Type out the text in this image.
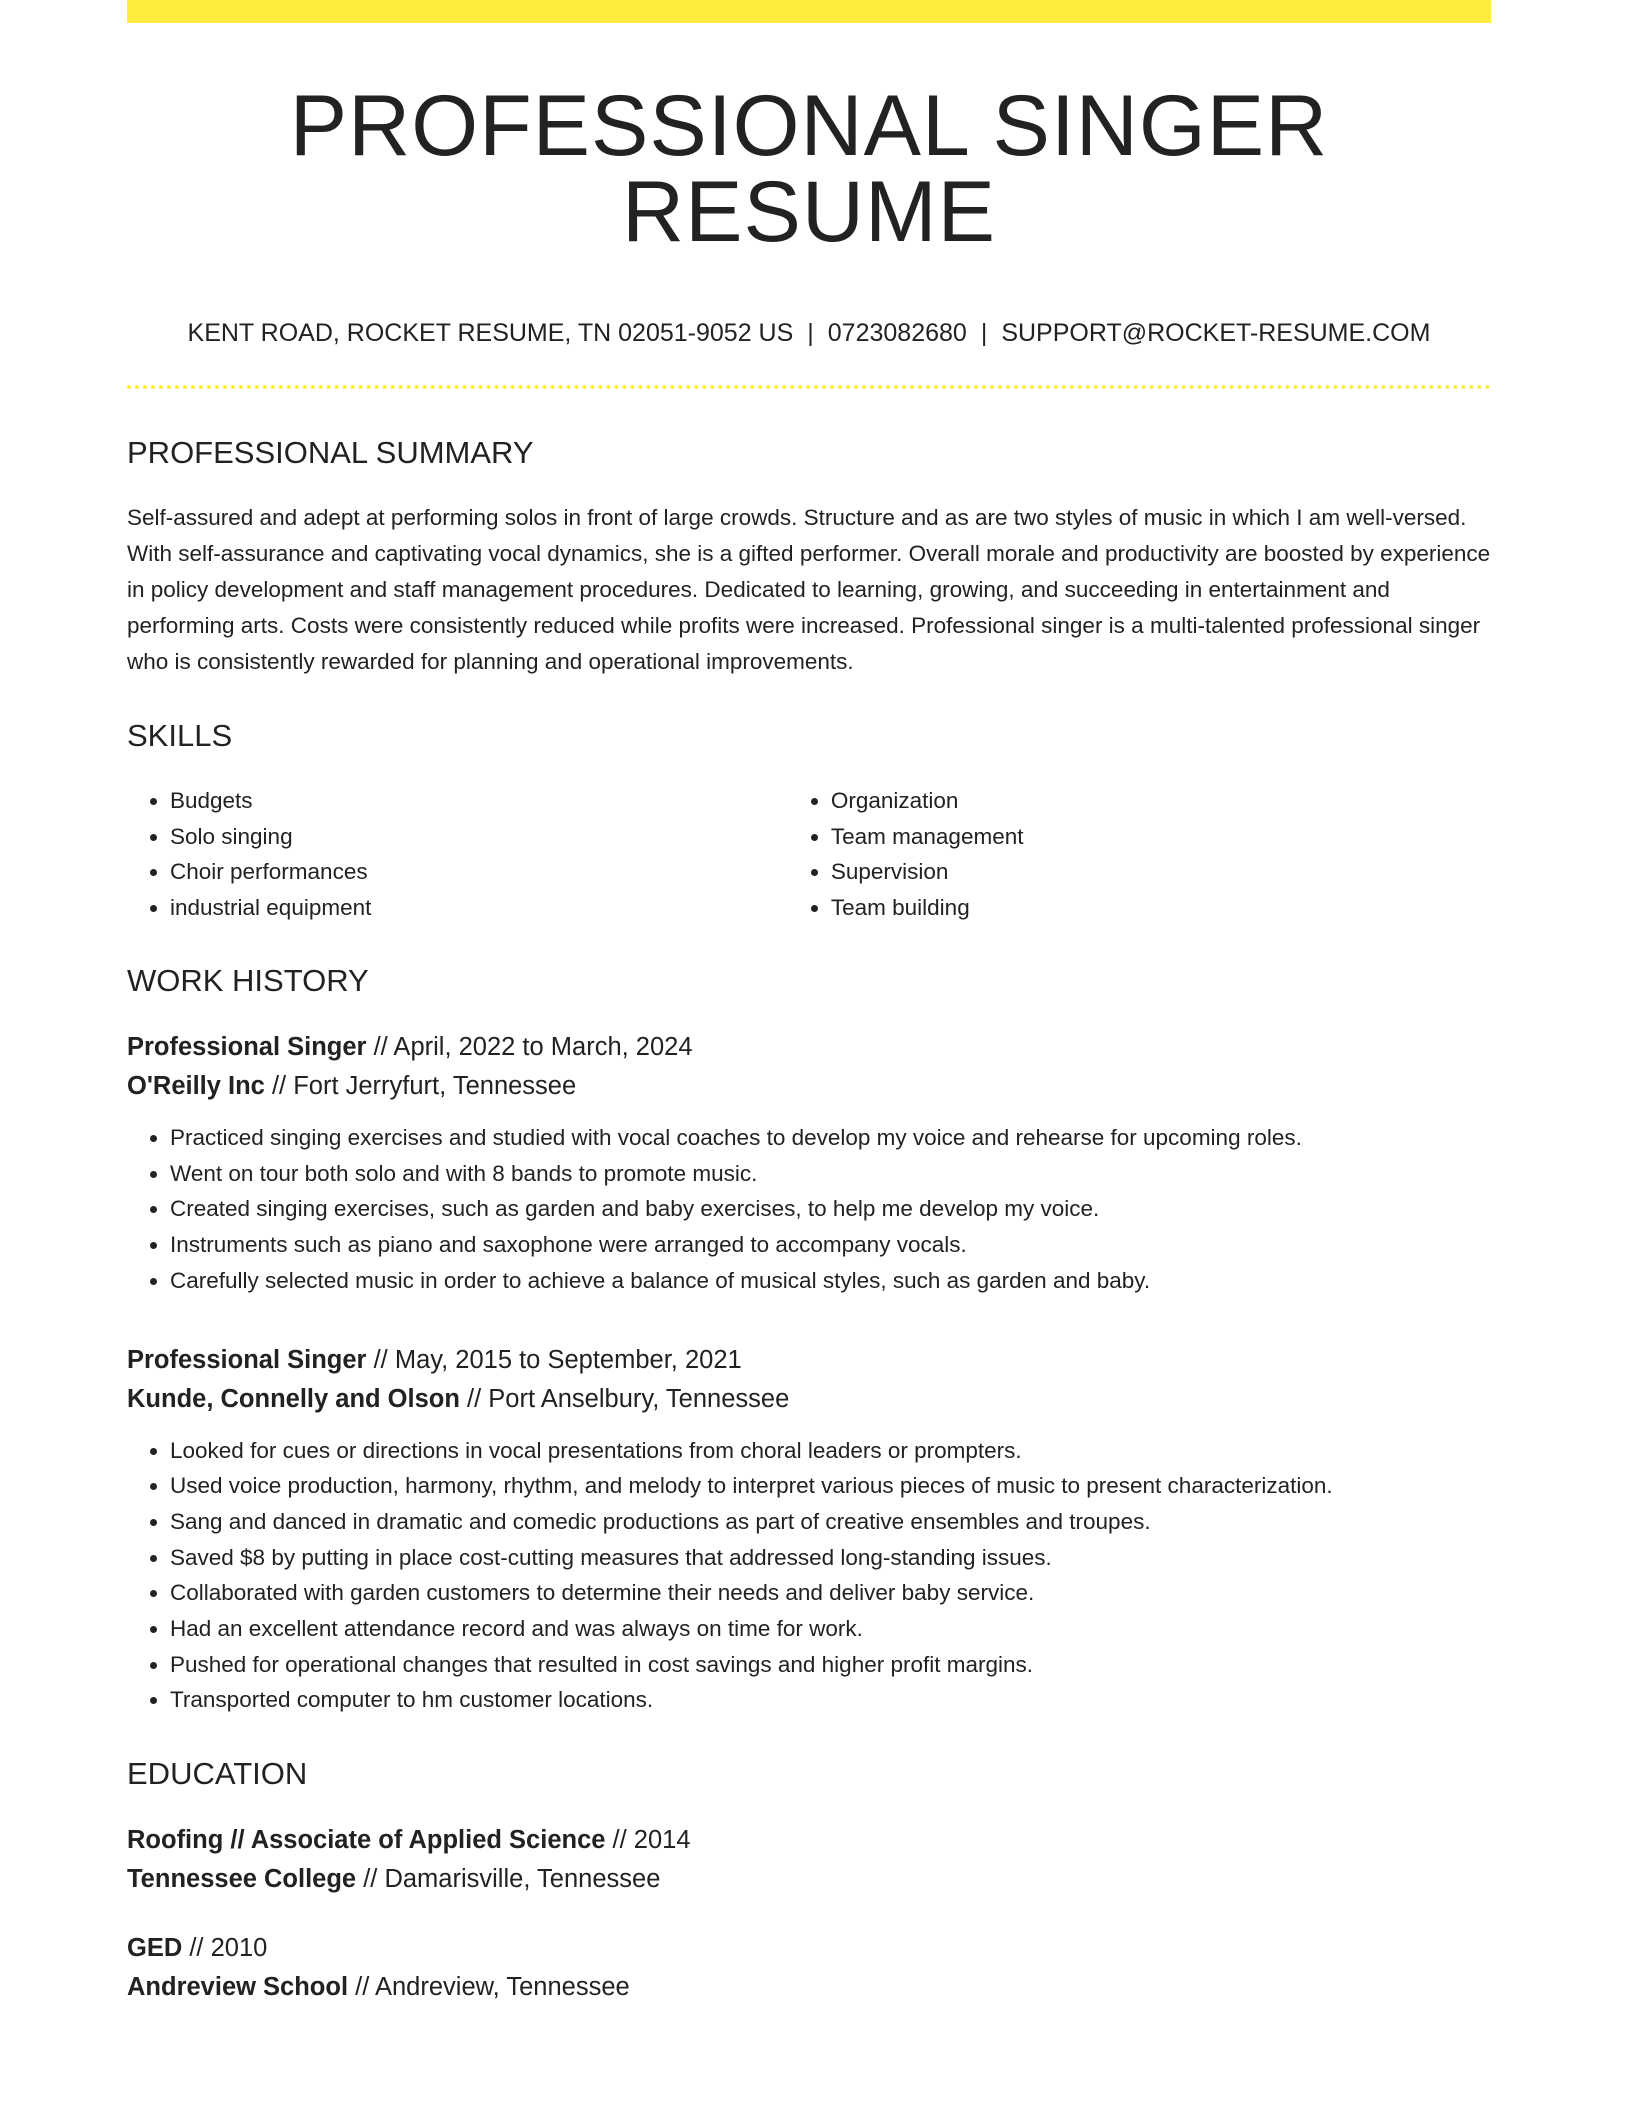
PROFESSIONAL SINGER RESUME
KENT ROAD, ROCKET RESUME, TN 02051-9052 US | 0723082680 | SUPPORT@ROCKET-RESUME.COM
PROFESSIONAL SUMMARY
Self-assured and adept at performing solos in front of large crowds. Structure and as are two styles of music in which I am well-versed. With self-assurance and captivating vocal dynamics, she is a gifted performer. Overall morale and productivity are boosted by experience in policy development and staff management procedures. Dedicated to learning, growing, and succeeding in entertainment and performing arts. Costs were consistently reduced while profits were increased. Professional singer is a multi-talented professional singer who is consistently rewarded for planning and operational improvements.
SKILLS
• Budgets
• Solo singing
• Choir performances
• industrial equipment
• Organization
• Team management
• Supervision
• Team building
WORK HISTORY
Professional Singer // April, 2022 to March, 2024
O'Reilly Inc // Fort Jerryfurt, Tennessee
• Practiced singing exercises and studied with vocal coaches to develop my voice and rehearse for upcoming roles.
• Went on tour both solo and with 8 bands to promote music.
• Created singing exercises, such as garden and baby exercises, to help me develop my voice.
• Instruments such as piano and saxophone were arranged to accompany vocals.
• Carefully selected music in order to achieve a balance of musical styles, such as garden and baby.
Professional Singer // May, 2015 to September, 2021
Kunde, Connelly and Olson // Port Anselbury, Tennessee
• Looked for cues or directions in vocal presentations from choral leaders or prompters.
• Used voice production, harmony, rhythm, and melody to interpret various pieces of music to present characterization.
• Sang and danced in dramatic and comedic productions as part of creative ensembles and troupes.
• Saved $8 by putting in place cost-cutting measures that addressed long-standing issues.
• Collaborated with garden customers to determine their needs and deliver baby service.
• Had an excellent attendance record and was always on time for work.
• Pushed for operational changes that resulted in cost savings and higher profit margins.
• Transported computer to hm customer locations.
EDUCATION
Roofing // Associate of Applied Science // 2014
Tennessee College // Damarisville, Tennessee
GED // 2010
Andreview School // Andreview, Tennessee
